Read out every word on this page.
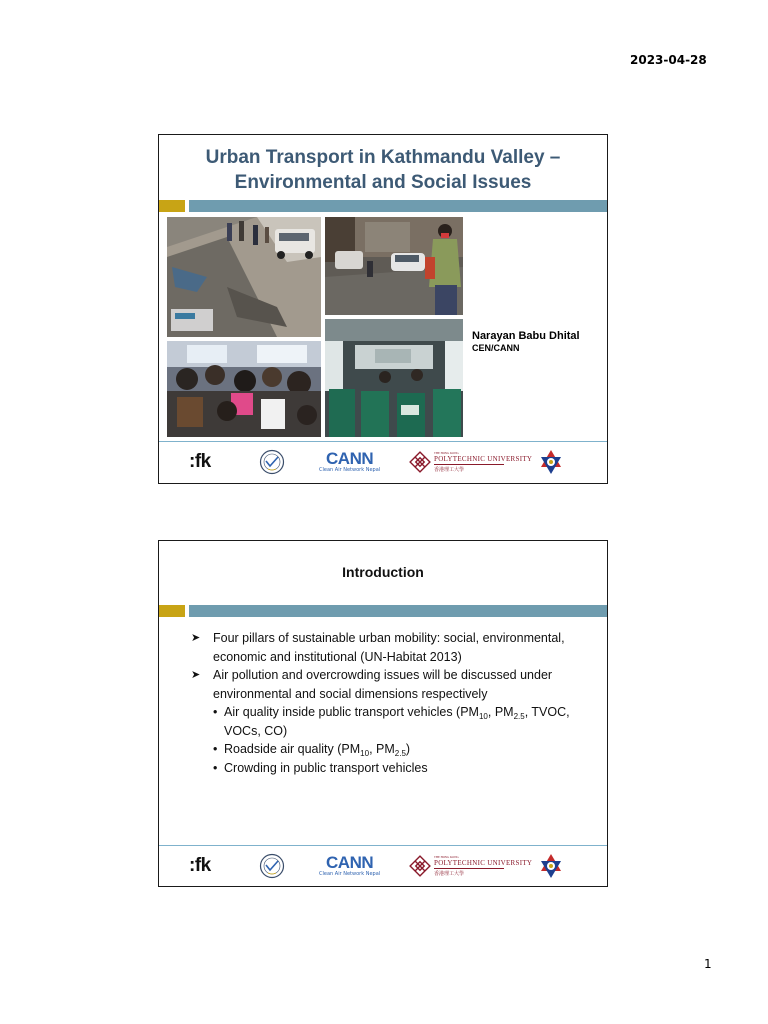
2023-04-28
Urban Transport in Kathmandu Valley –
Environmental and Social Issues
Narayan Babu Dhital
CEN/CANN
:fk	CANN
Clean Air Network Nepal
THE HONG KONG
POLYTECHNIC UNIVERSITY
香港理工大學
Introduction
➤ Four pillars of sustainable urban mobility: social, environmental, economic and institutional (UN-Habitat 2013)
➤ Air pollution and overcrowding issues will be discussed under environmental and social dimensions respectively
• Air quality inside public transport vehicles ($PM_{10}$, $PM_{2.5}$, TVOC, VOCs, CO)
• Roadside air quality ($PM_{10}$, $PM_{2.5}$)
• Crowding in public transport vehicles
:fk	CANN
Clean Air Network Nepal
THE HONG KONG
POLYTECHNIC UNIVERSITY
香港理工大學
1
